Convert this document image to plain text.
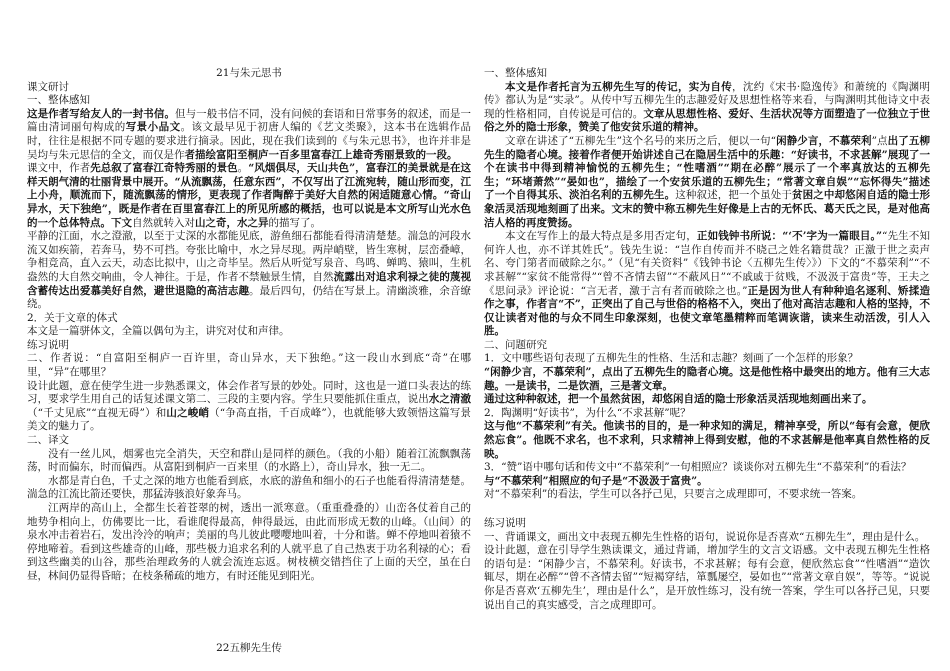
21与朱元思书
课文研讨
一、整体感知
这是作者写给友人的一封书信。但与一般书信不同，没有问候的套语和日常事务的叙述，而是一篇由清词丽句构成的写景小品文。该文最早见于初唐人编的《艺文类聚》，这本书在选辑作品时，往往是根据不同专题的要求进行摘录。因此，现在我们读到的《与朱元思书》，也许并非是吴均与朱元思信的全文，而仅是作者描绘富阳至桐庐一百多里富春江上雄奇秀丽景致的一段。
课文中，作者先总叙了富春江奇特秀丽的景色。“风烟俱尽，天山共色”，富春江的美景就是在这样天朗气清的壮丽背景中展开。“从流飘荡，任意东西”，不仅写出了江流宛转，随山形而变，江上小舟，顺流而下，随流飘荡的情形，更表现了作者陶醉于美好大自然的闲适随意心情。“奇山异水，天下独绝”，既是作者在百里富春江上的所见所感的概括，也可以说是本文所写山光水色的一个总体特点。下文自然就转入对山之奇，水之异的描写了。
平静的江面，水之澄澈，以至于丈深的水都能见底，游鱼细石都能看得清清楚楚。湍急的河段水流又如疾箭，若奔马，势不可挡。夸张比喻中，水之异尽现。两岸峭壁，皆生寒树，层峦叠嶂，争相竞高，直入云天，动态比拟中，山之奇毕呈。然后从听觉写泉音、鸟鸣、蝉鸣、猿叫，生机盎然的大自然交响曲，令人神往。于是，作者不禁触景生情，自然流露出对追求利禄之徒的蔑视含蓄传达出爱慕美好自然，避世退隐的高洁志趣。最后四句，仍结在写景上。清幽淡雅，余音缭绕。
2．关于文章的体式
本文是一篇骈体文，全篇以偶句为主，讲究对仗和声律。
练习说明
二、作者说：“自富阳至桐庐一百许里，奇山异水，天下独绝。”这一段山水到底“奇”在哪里，“异”在哪里？
设计此题，意在使学生进一步熟悉课文，体会作者写景的妙处。同时，这也是一道口头表达的练习，要求学生用自己的话复述课文第二、三段的主要内容。学生只要能抓住重点，说出水之清澈（“千丈见底”“直视无碍”）和山之峻峭（“争高直指，千百成峰”），也就能够大致领悟这篇写景美文的魅力了。
二、译文
没有一丝儿风，烟雾也完全消失，天空和群山是同样的颜色。（我的小船）随着江流飘飘荡荡，时而偏东，时而偏西。从富阳到桐庐一百来里（的水路上），奇山异水，独一无二。
水都是青白色，千丈之深的地方也能看到底，水底的游鱼和细小的石子也能看得清清楚楚。湍急的江流比箭还要快，那猛涛骇浪好象奔马。
江两岸的高山上，全都生长着苍翠的树，透出一派寒意。（重重叠叠的）山峦各仗着自己的地势争相向上，仿佛要比一比，看谁爬得最高，伸得最远，由此而形成无数的山峰。（山间）的泉水冲击着岩石，发出泠泠的响声；美丽的鸟儿彼此嘤嘤地叫着，十分和谐。蝉不停地叫着猿不停地啼着。看到这些雄奇的山峰，那些极力追求名利的人就平息了自己热衷于功名利禄的心；看到这些幽美的山谷，那些治理政务的人就会流连忘返。树枝横交错挡住了上面的天空，虽在白昼，林间仍显得昏暗；在枝条稀疏的地方，有时还能见到阳光。
22五柳先生传
一、整体感知
本文是作者托言为五柳先生写的传记，实为自传，沈约《宋书·隐逸传》和萧统的《陶渊明传》都认为是“实录”。从传中写五柳先生的志趣爱好及思想性格等来看，与陶渊明其他诗文中表现的性格相同，自传说是可信的。文章从思想性格、爱好、生活状况等方面塑造了一位独立于世俗之外的隐士形象，赞美了他安贫乐道的精神。
文章在讲述了“五柳先生”这个名号的来历之后，便以一句“闲静少言，不慕荣利”点出了五柳先生的隐者心境。接着作者便开始讲述自己在隐居生活中的乐趣：“好读书，不求甚解”展现了一个在读书中得到精神愉悦的五柳先生；“性嗜酒”“期在必醉”展示了一个率真放达的五柳先生；“环堵萧然”“晏如也”，描绘了一个安贫乐道的五柳先生；“常著文章自娱”“忘怀得失”描述了一个自得其乐、淡泊名利的五柳先生。这种叙述，把一个虽处于贫困之中却悠闲自适的隐士形象活灵活现地刻画了出来。文末的赞中称五柳先生好像是上古的无怀氏、葛天氏之民，是对他高洁人格的再度赞扬。
本文在写作上的最大特点是多用否定句，正如钱钟书所说：“‘不’字为一篇眼目。”“先生不知何许人也，亦不详其姓氏”。钱先生说：“岂作自传而并不晓己之姓名籍贯哉？正激于世之卖声名、夸门第者而破除之尔。”（见“有关资料”《钱钟书论〈五柳先生传〉》）下文的“不慕荣利”“不求甚解”“家贫不能常得”“曾不吝情去留”“不蔽风日”“不戚戚于贫贱，不汲汲于富贵”等，王夫之《思问录》评论说：“言无者，激于言有者而破除之也。”正是因为世人有种种追名逐利、矫揉造作之事，作者言“不”，正突出了自己与世俗的格格不入，突出了他对高洁志趣和人格的坚持，不仅让读者对他的与众不同生印象深刻，也使文章笔墨精粹而笔调诙谐，读来生动活泼，引人入胜。
二、问题研究
1．文中哪些语句表现了五柳先生的性格、生活和志趣？刻画了一个怎样的形象？
“闲静少言，不慕荣利”，点出了五柳先生的隐者心境。这是他性格中最突出的地方。他有三大志趣。一是读书，二是饮酒，三是著文章。
通过这种种叙述，把一个虽然贫困，却悠闲自适的隐士形象活灵活现地刻画出来了。
2．陶渊明“好读书”，为什么“不求甚解”呢？
这与他“不慕荣利”有关。他读书的目的，是一种求知的满足，精神享受，所以“每有会意，便欣然忘食”。他既不求名，也不求利，只求精神上得到安慰，他的不求甚解是他率真自然性格的反映。
3．“赞”语中哪句话和传文中“不慕荣利”一句相照应？谈谈你对五柳先生“不慕荣利”的看法？
与“不慕荣利”相照应的句子是“不汲汲于富贵”。
对“不慕荣利”的看法，学生可以各抒己见，只要言之成理即可，不要求统一答案。
练习说明
一、背诵课文，画出文中表现五柳先生性格的语句，说说你是否喜欢“五柳先生”，理由是什么。
设计此题，意在引导学生熟读课文，通过背诵，增加学生的文言文语感。文中表现五柳先生性格的语句是：“闲静少言，不慕荣利。好读书，不求甚解；每有会意，便欣然忘食”“性嗜酒”“造饮辄尽，期在必醉”“曾不吝情去留”“短褐穿结，箪瓢屡空，晏如也”“常著文章自娱”，等等。“说说你是否喜欢‘五柳先生’，理由是什么”，是开放性练习，没有统一答案，学生可以各抒己见，只要说出自己的真实感受，言之成理即可。
